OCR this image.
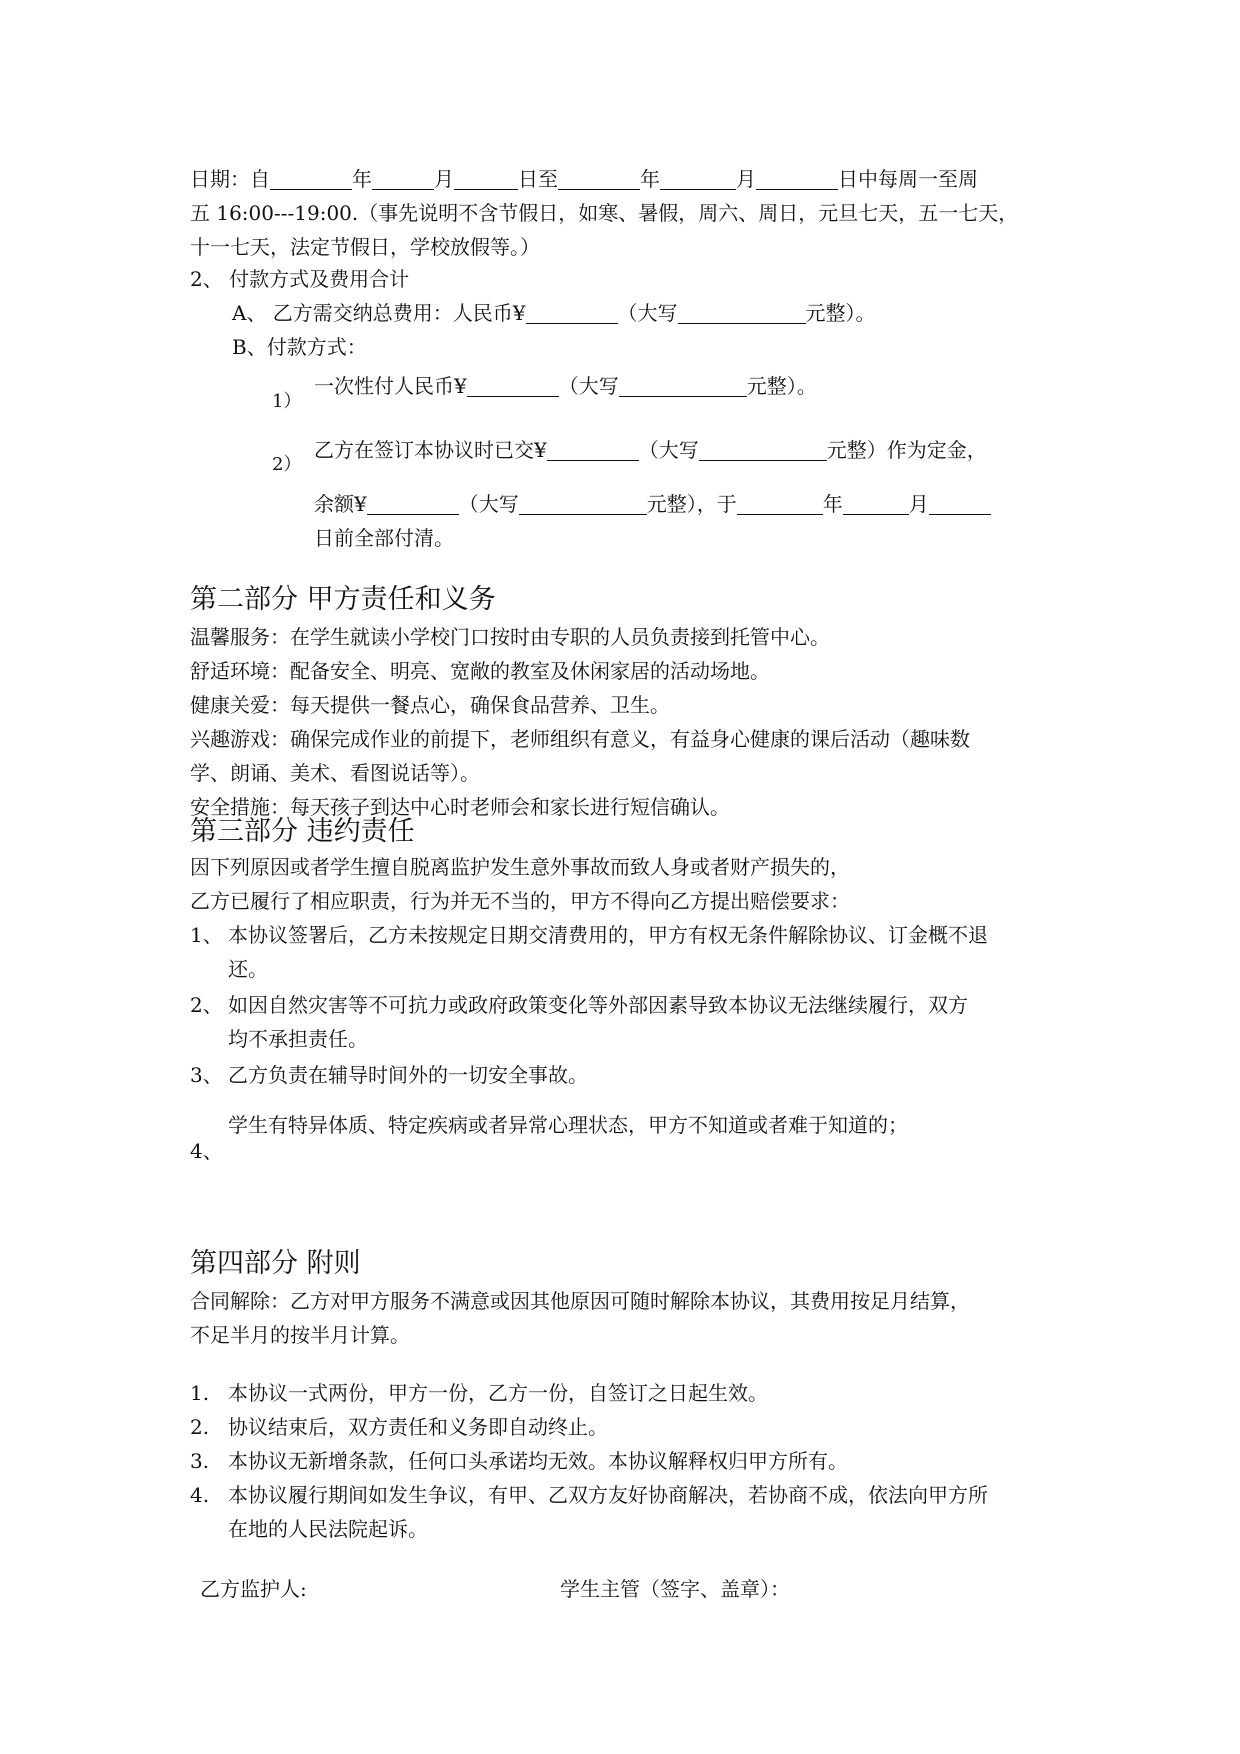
日期：自	年	月	日至	年	月	日中每周一至周
五 16:00---19:00.（事先说明不含节假日，如寒、暑假，周六、周日，元旦七天，五一七天，
十一七天，法定节假日，学校放假等。）
2、 付款方式及费用合计
A、 乙方需交纳总费用：人民币¥	（大写	元整）。
B、付款方式：
1）
一次性付人民币¥	（大写	元整）。
2）
乙方在签订本协议时已交¥	（大写	元整）作为定金，
余额¥	（大写	元整），于	年	月
日前全部付清。
第二部分 甲方责任和义务
温馨服务：在学生就读小学校门口按时由专职的人员负责接到托管中心。
舒适环境：配备安全、明亮、宽敞的教室及休闲家居的活动场地。
健康关爱：每天提供一餐点心，确保食品营养、卫生。
兴趣游戏：确保完成作业的前提下，老师组织有意义，有益身心健康的课后活动（趣味数
学、朗诵、美术、看图说话等）。
安全措施：每天孩子到达中心时老师会和家长进行短信确认。
第三部分 违约责任
因下列原因或者学生擅自脱离监护发生意外事故而致人身或者财产损失的，
乙方已履行了相应职责，行为并无不当的，甲方不得向乙方提出赔偿要求：
1、 本协议签署后，乙方未按规定日期交清费用的，甲方有权无条件解除协议、订金概不退
还。
2、 如因自然灾害等不可抗力或政府政策变化等外部因素导致本协议无法继续履行，双方
均不承担责任。
3、 乙方负责在辅导时间外的一切安全事故。
4、
学生有特异体质、特定疾病或者异常心理状态，甲方不知道或者难于知道的；
第四部分 附则
合同解除：乙方对甲方服务不满意或因其他原因可随时解除本协议，其费用按足月结算，
不足半月的按半月计算。
1. 本协议一式两份，甲方一份，乙方一份，自签订之日起生效。
2. 协议结束后，双方责任和义务即自动终止。
3. 本协议无新增条款，任何口头承诺均无效。本协议解释权归甲方所有。
4. 本协议履行期间如发生争议，有甲、乙双方友好协商解决，若协商不成，依法向甲方所
在地的人民法院起诉。
乙方监护人:	学生主管（签字、盖章）：
